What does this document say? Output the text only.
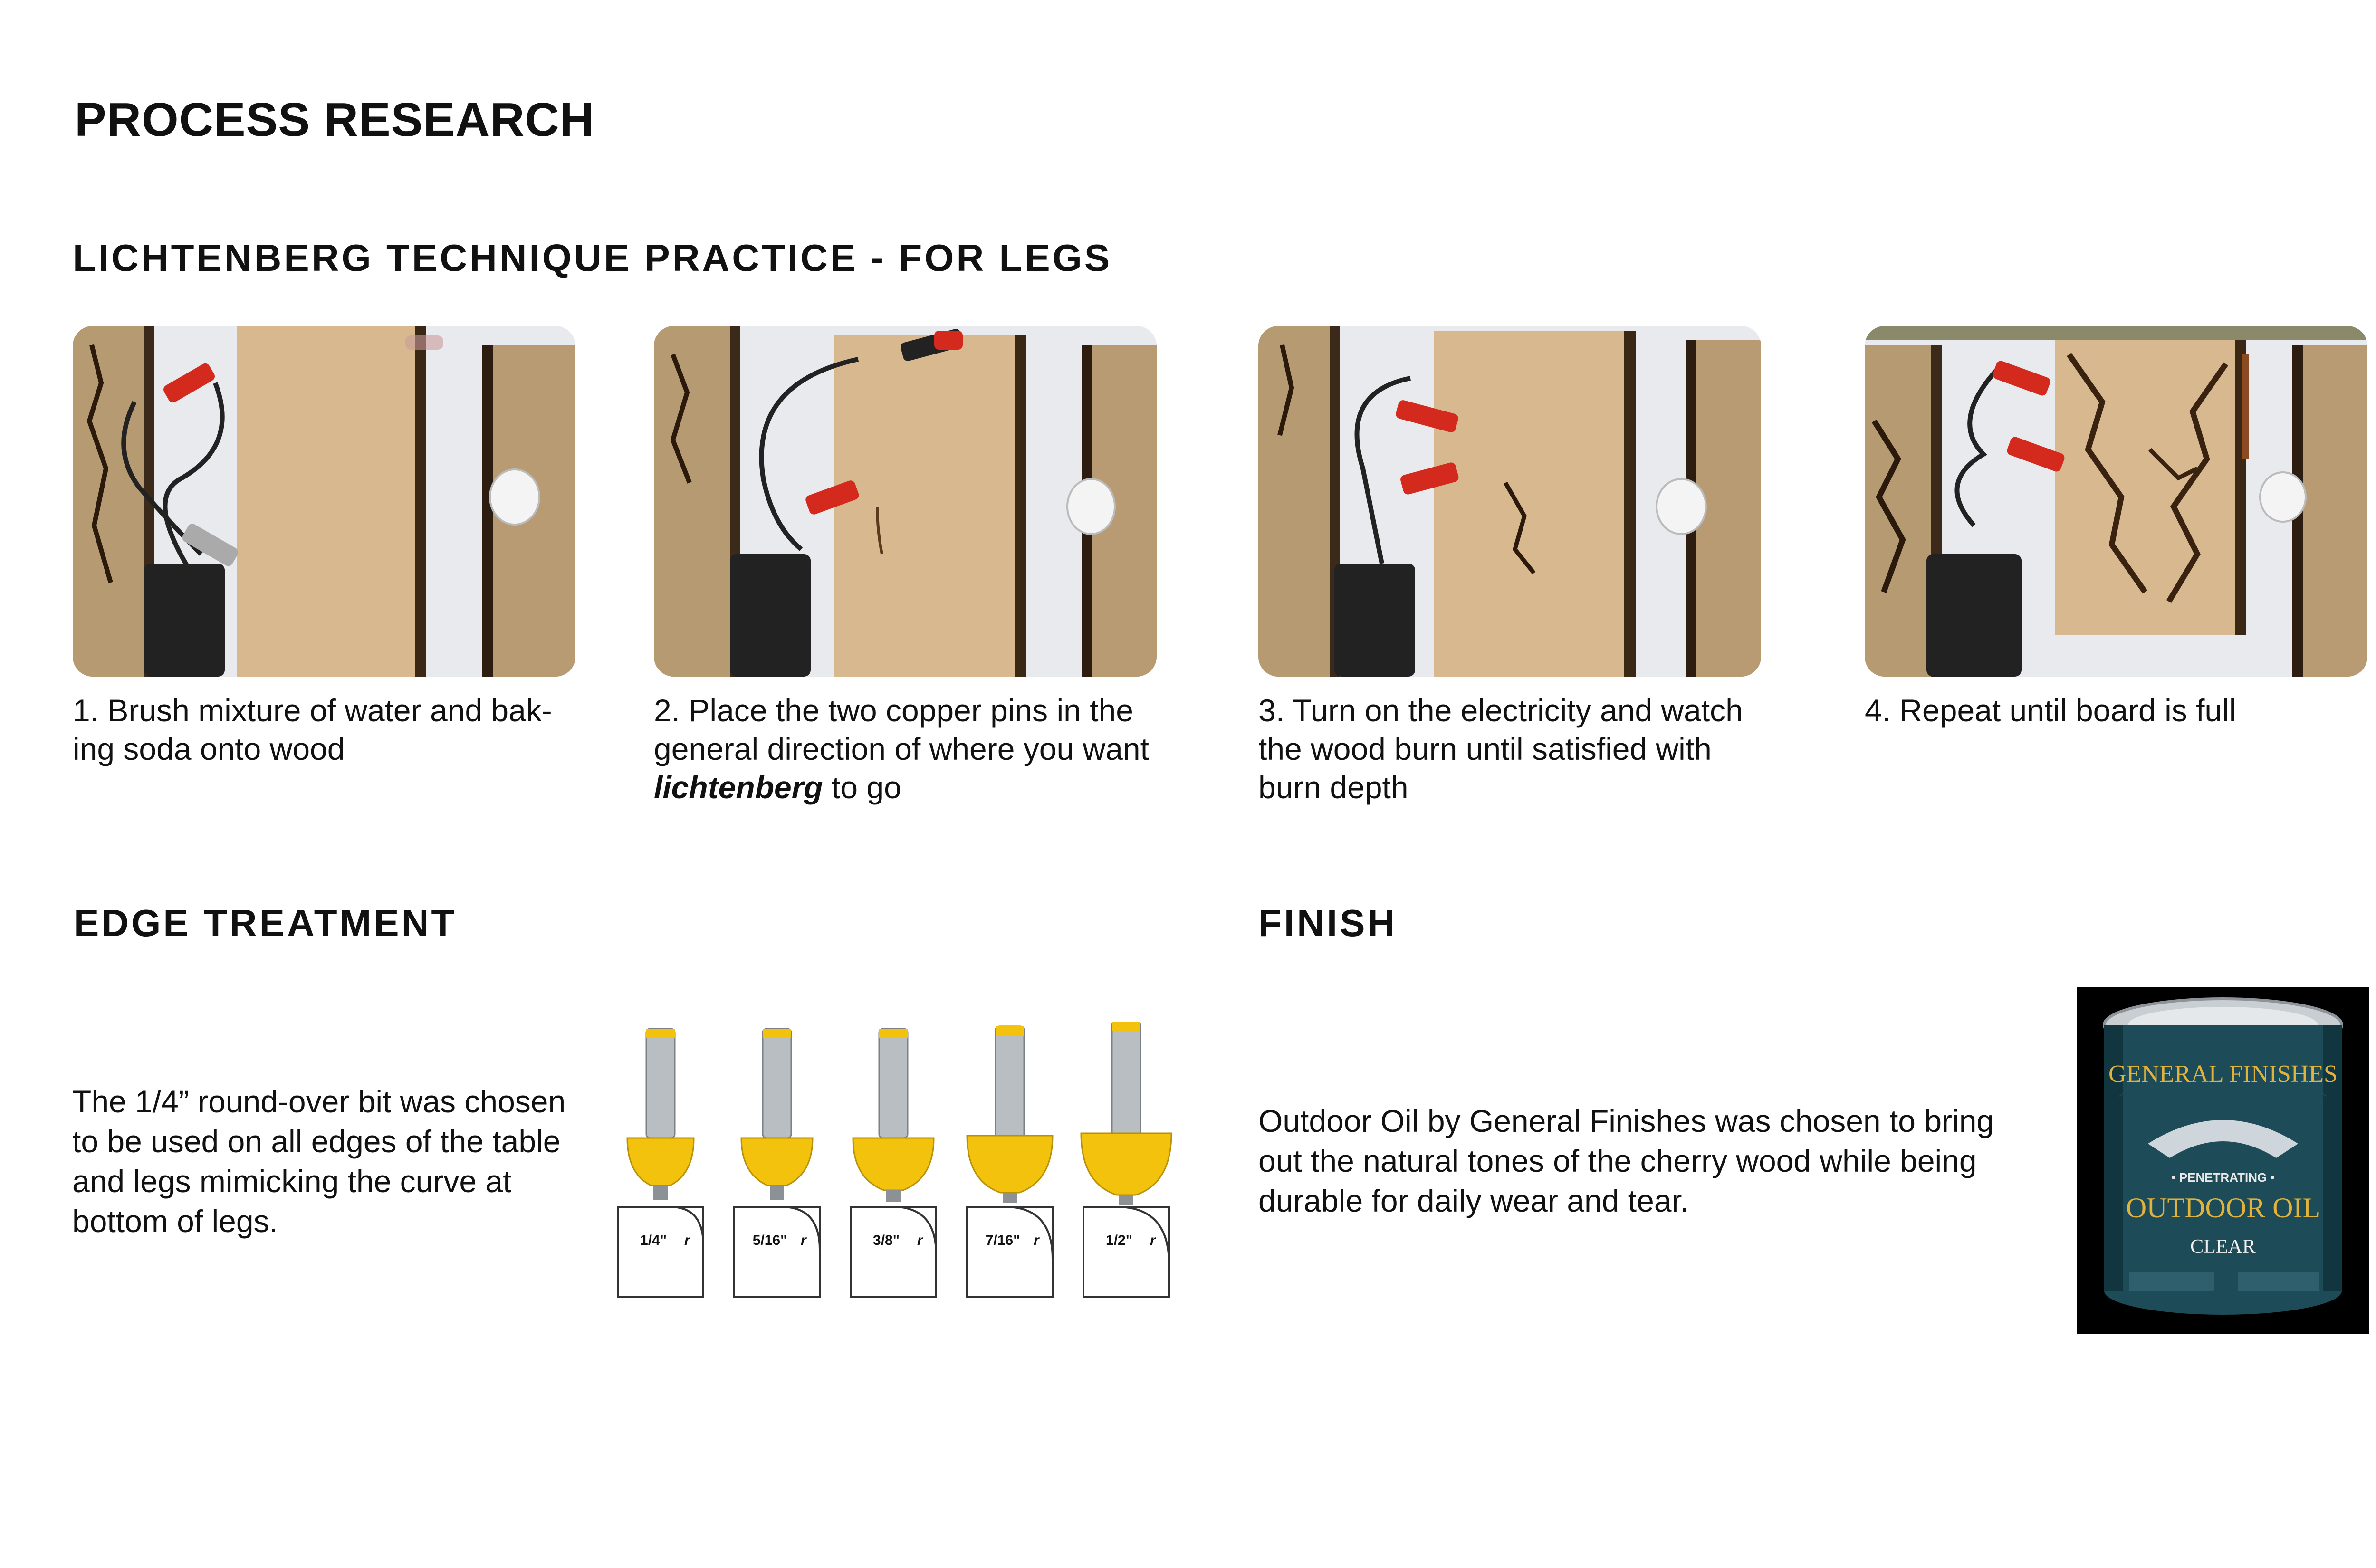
PROCESS RESEARCH
LICHTENBERG TECHNIQUE PRACTICE - FOR LEGS
1. Brush mixture of water and bak-
ing soda onto wood
2. Place the two copper pins in the
general direction of where you want
lichtenberg to go
3. Turn on the electricity and watch
the wood burn until satisfied with
burn depth
4. Repeat until board is full
EDGE TREATMENT
The 1/4” round-over bit was chosen
to be used on all edges of the table
and legs mimicking the curve at
bottom of legs.
1/4" r	5/16" r	3/8" r	7/16" r	1/2" r
FINISH
Outdoor Oil by General Finishes was chosen to bring
out the natural tones of the cherry wood while being
durable for daily wear and tear.
GENERAL FINISHES
• PENETRATING •
OUTDOOR OIL
CLEAR
